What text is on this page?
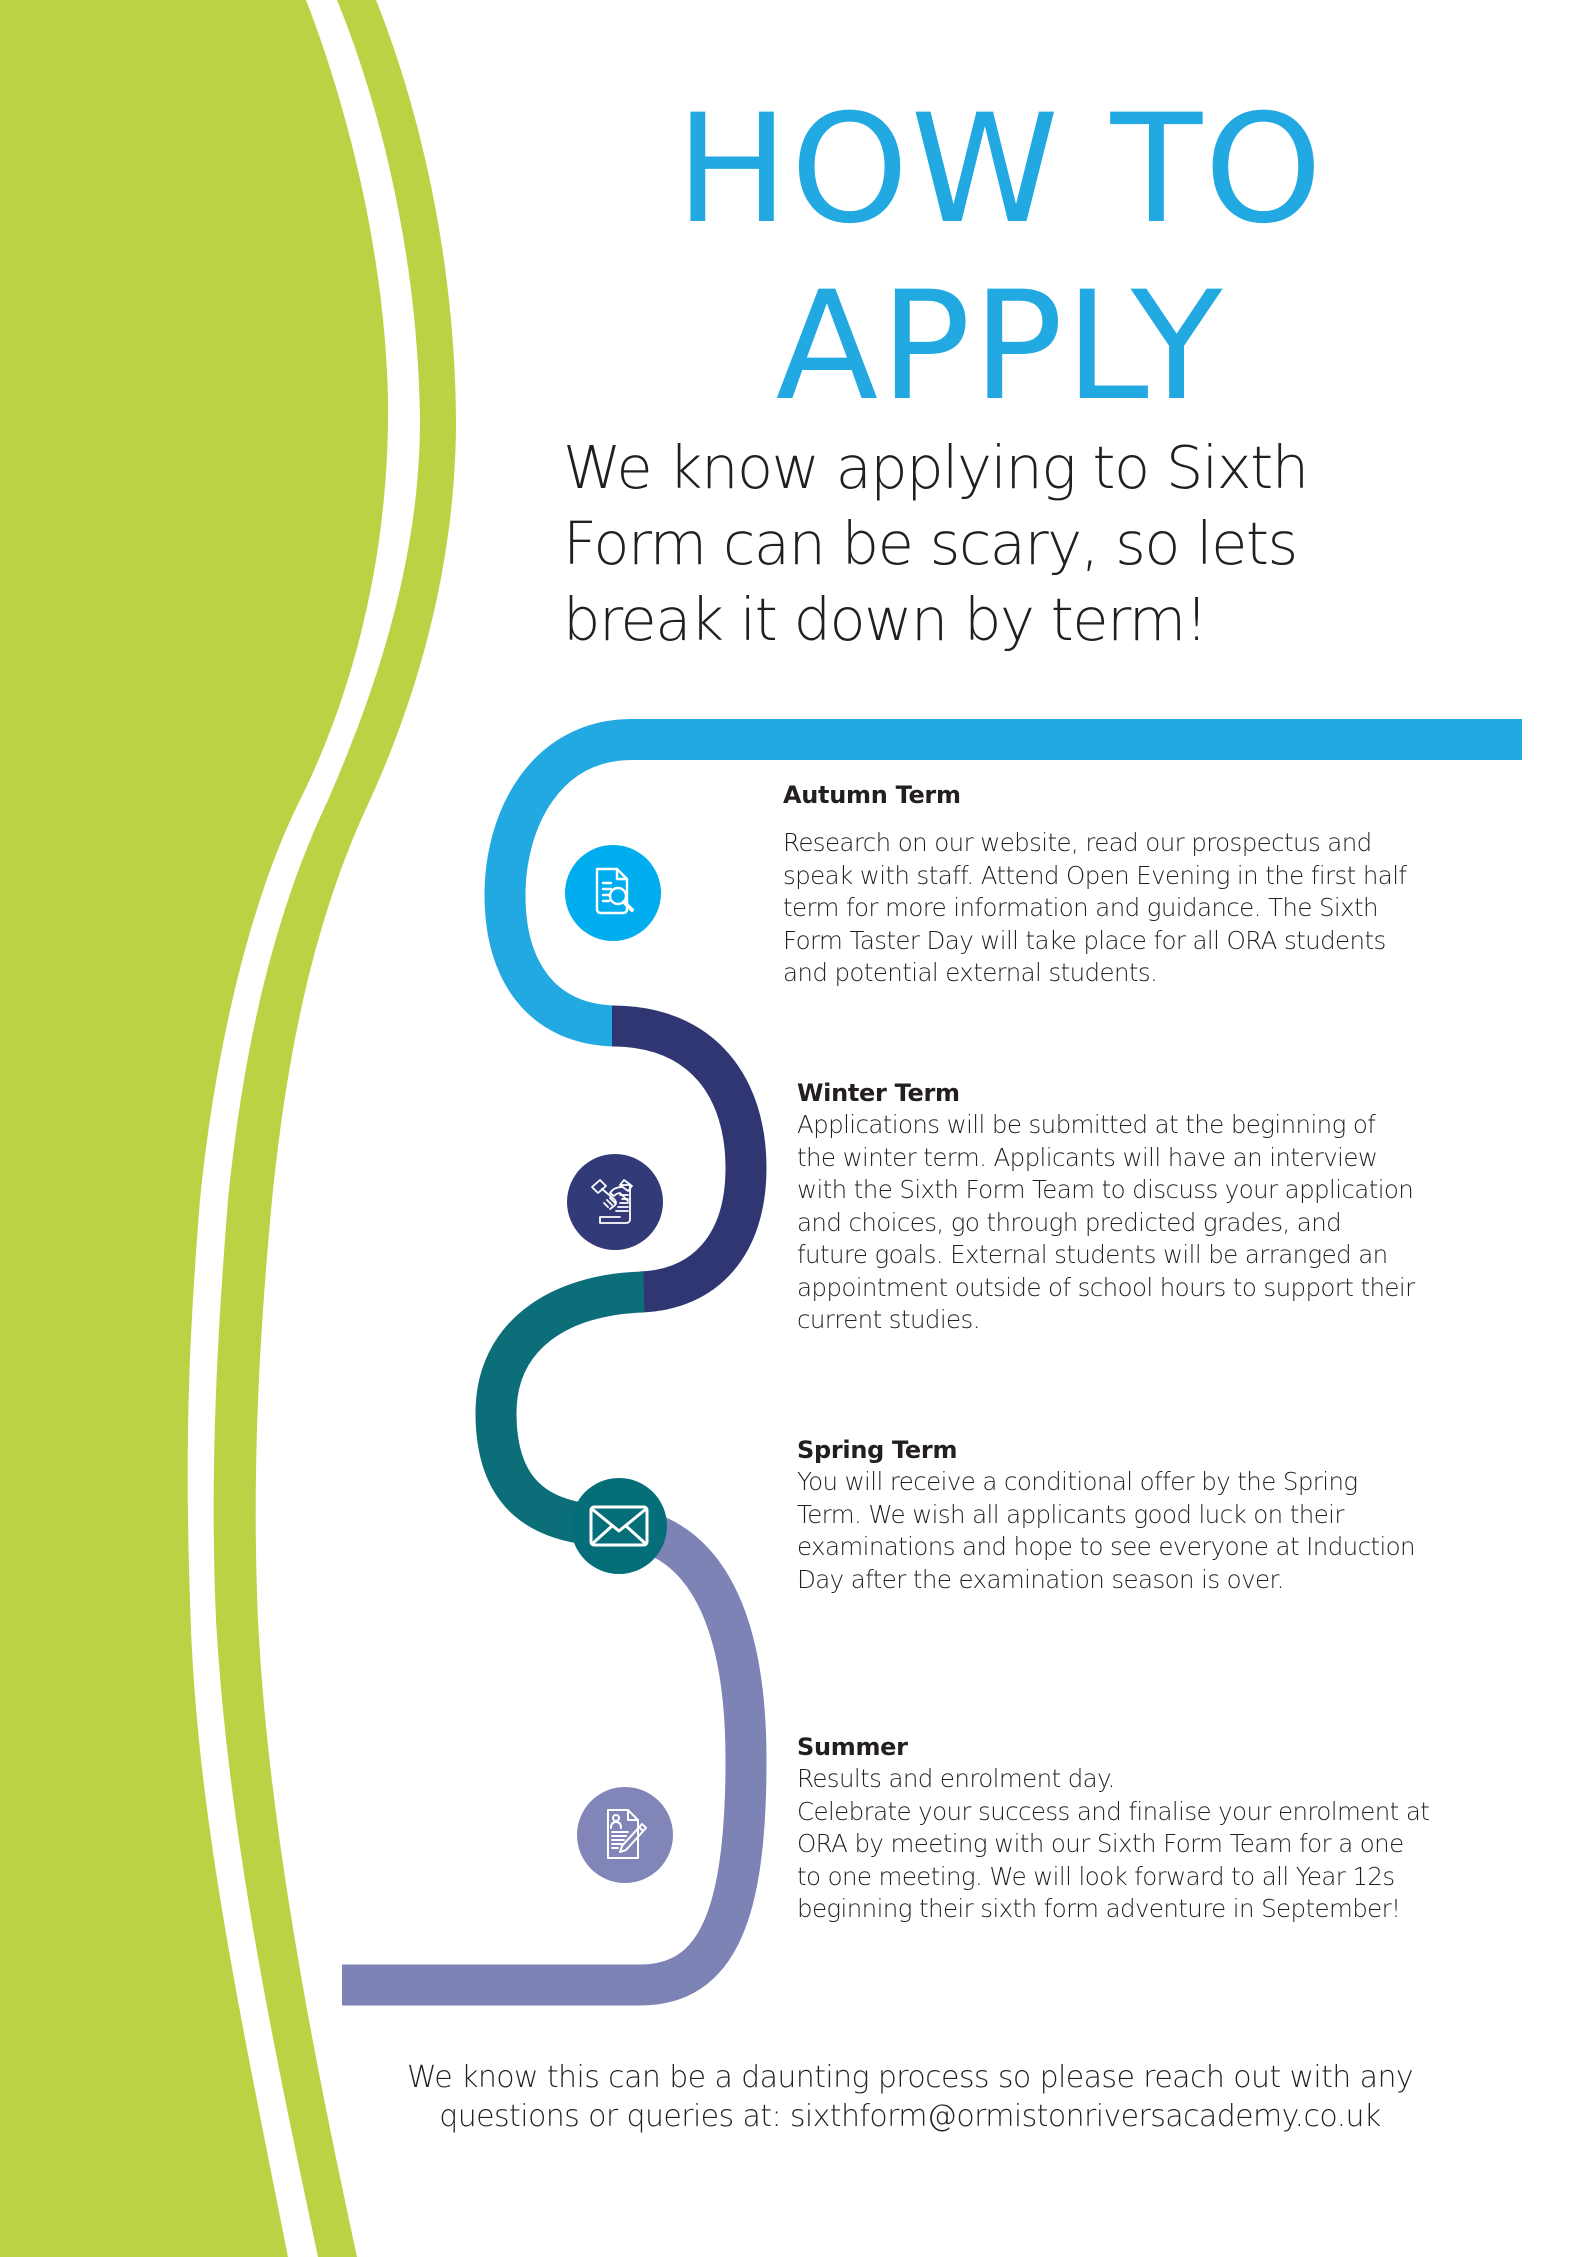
HOW TO
APPLY
We know applying to Sixth
Form can be scary, so lets
break it down by term!
Autumn Term
Research on our website, read our prospectus and
speak with staff. Attend Open Evening in the first half
term for more information and guidance. The Sixth
Form Taster Day will take place for all ORA students
and potential external students.
Winter Term
Applications will be submitted at the beginning of
the winter term. Applicants will have an interview
with the Sixth Form Team to discuss your application
and choices, go through predicted grades, and
future goals. External students will be arranged an
appointment outside of school hours to support their
current studies.
Spring Term
You will receive a conditional offer by the Spring
Term. We wish all applicants good luck on their
examinations and hope to see everyone at Induction
Day after the examination season is over.
Summer
Results and enrolment day.
Celebrate your success and finalise your enrolment at
ORA by meeting with our Sixth Form Team for a one
to one meeting. We will look forward to all Year 12s
beginning their sixth form adventure in September!
We know this can be a daunting process so please reach out with any
questions or queries at: sixthform@ormistonriversacademy.co.uk
